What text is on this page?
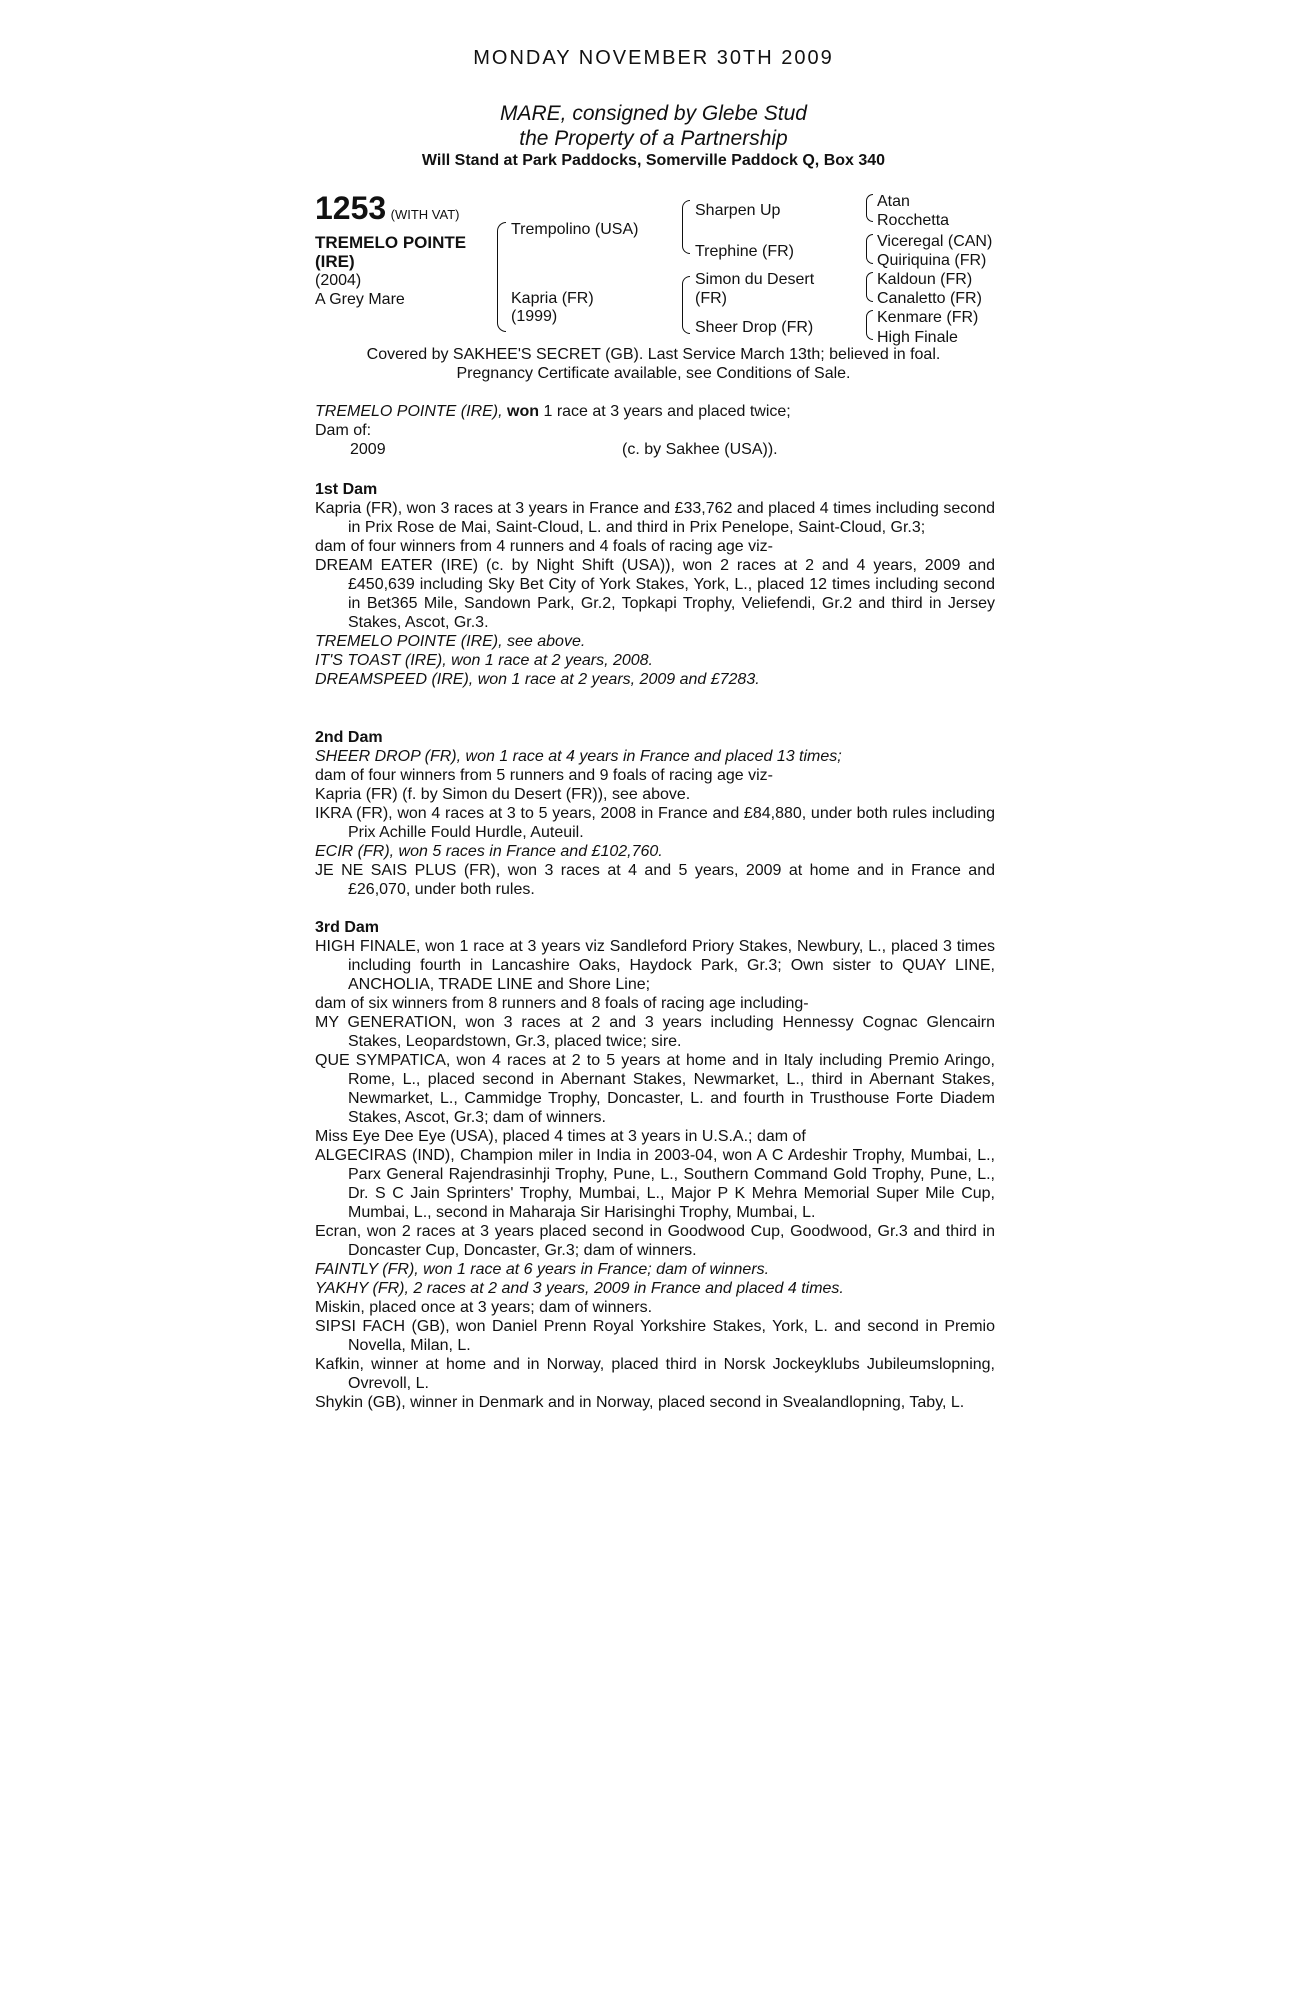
MONDAY NOVEMBER 30TH 2009
MARE, consigned by Glebe Stud
the Property of a Partnership
Will Stand at Park Paddocks, Somerville Paddock Q, Box 340
1253 (WITH VAT)
TREMELO POINTE
(IRE)
(2004)
A Grey Mare
Trempolino (USA)
Kapria (FR)
(1999)
Sharpen Up
Trephine (FR)
Simon du Desert
(FR)
Sheer Drop (FR)
Atan
Rocchetta
Viceregal (CAN)
Quiriquina (FR)
Kaldoun (FR)
Canaletto (FR)
Kenmare (FR)
High Finale
Covered by SAKHEE'S SECRET (GB). Last Service March 13th; believed in foal.
Pregnancy Certificate available, see Conditions of Sale.

TREMELO POINTE (IRE), won 1 race at 3 years and placed twice;

Dam of:

2009	(c. by Sakhee (USA)).

1st Dam

Kapria (FR), won 3 races at 3 years in France and £33,762 and placed 4 times including second in Prix Rose de Mai, Saint-Cloud, L. and third in Prix Penelope, Saint-Cloud, Gr.3;

dam of four winners from 4 runners and 4 foals of racing age viz-

DREAM EATER (IRE) (c. by Night Shift (USA)), won 2 races at 2 and 4 years, 2009 and £450,639 including Sky Bet City of York Stakes, York, L., placed 12 times including second in Bet365 Mile, Sandown Park, Gr.2, Topkapi Trophy, Veliefendi, Gr.2 and third in Jersey Stakes, Ascot, Gr.3.

TREMELO POINTE (IRE), see above.

IT'S TOAST (IRE), won 1 race at 2 years, 2008.

DREAMSPEED (IRE), won 1 race at 2 years, 2009 and £7283.

2nd Dam

SHEER DROP (FR), won 1 race at 4 years in France and placed 13 times;

dam of four winners from 5 runners and 9 foals of racing age viz-

Kapria (FR) (f. by Simon du Desert (FR)), see above.

IKRA (FR), won 4 races at 3 to 5 years, 2008 in France and £84,880, under both rules including Prix Achille Fould Hurdle, Auteuil.

ECIR (FR), won 5 races in France and £102,760.

JE NE SAIS PLUS (FR), won 3 races at 4 and 5 years, 2009 at home and in France and £26,070, under both rules.

3rd Dam

HIGH FINALE, won 1 race at 3 years viz Sandleford Priory Stakes, Newbury, L., placed 3 times including fourth in Lancashire Oaks, Haydock Park, Gr.3; Own sister to QUAY LINE, ANCHOLIA, TRADE LINE and Shore Line;

dam of six winners from 8 runners and 8 foals of racing age including-

MY GENERATION, won 3 races at 2 and 3 years including Hennessy Cognac Glencairn Stakes, Leopardstown, Gr.3, placed twice; sire.

QUE SYMPATICA, won 4 races at 2 to 5 years at home and in Italy including Premio Aringo, Rome, L., placed second in Abernant Stakes, Newmarket, L., third in Abernant Stakes, Newmarket, L., Cammidge Trophy, Doncaster, L. and fourth in Trusthouse Forte Diadem Stakes, Ascot, Gr.3; dam of winners.

Miss Eye Dee Eye (USA), placed 4 times at 3 years in U.S.A.; dam of

ALGECIRAS (IND), Champion miler in India in 2003-04, won A C Ardeshir Trophy, Mumbai, L., Parx General Rajendrasinhji Trophy, Pune, L., Southern Command Gold Trophy, Pune, L., Dr. S C Jain Sprinters' Trophy, Mumbai, L., Major P K Mehra Memorial Super Mile Cup, Mumbai, L., second in Maharaja Sir Harisinghi Trophy, Mumbai, L.

Ecran, won 2 races at 3 years placed second in Goodwood Cup, Goodwood, Gr.3 and third in Doncaster Cup, Doncaster, Gr.3; dam of winners.

FAINTLY (FR), won 1 race at 6 years in France; dam of winners.

YAKHY (FR), 2 races at 2 and 3 years, 2009 in France and placed 4 times.

Miskin, placed once at 3 years; dam of winners.

SIPSI FACH (GB), won Daniel Prenn Royal Yorkshire Stakes, York, L. and second in Premio Novella, Milan, L.

Kafkin, winner at home and in Norway, placed third in Norsk Jockeyklubs Jubileumslopning, Ovrevoll, L.

Shykin (GB), winner in Denmark and in Norway, placed second in Svealandlopning, Taby, L.
